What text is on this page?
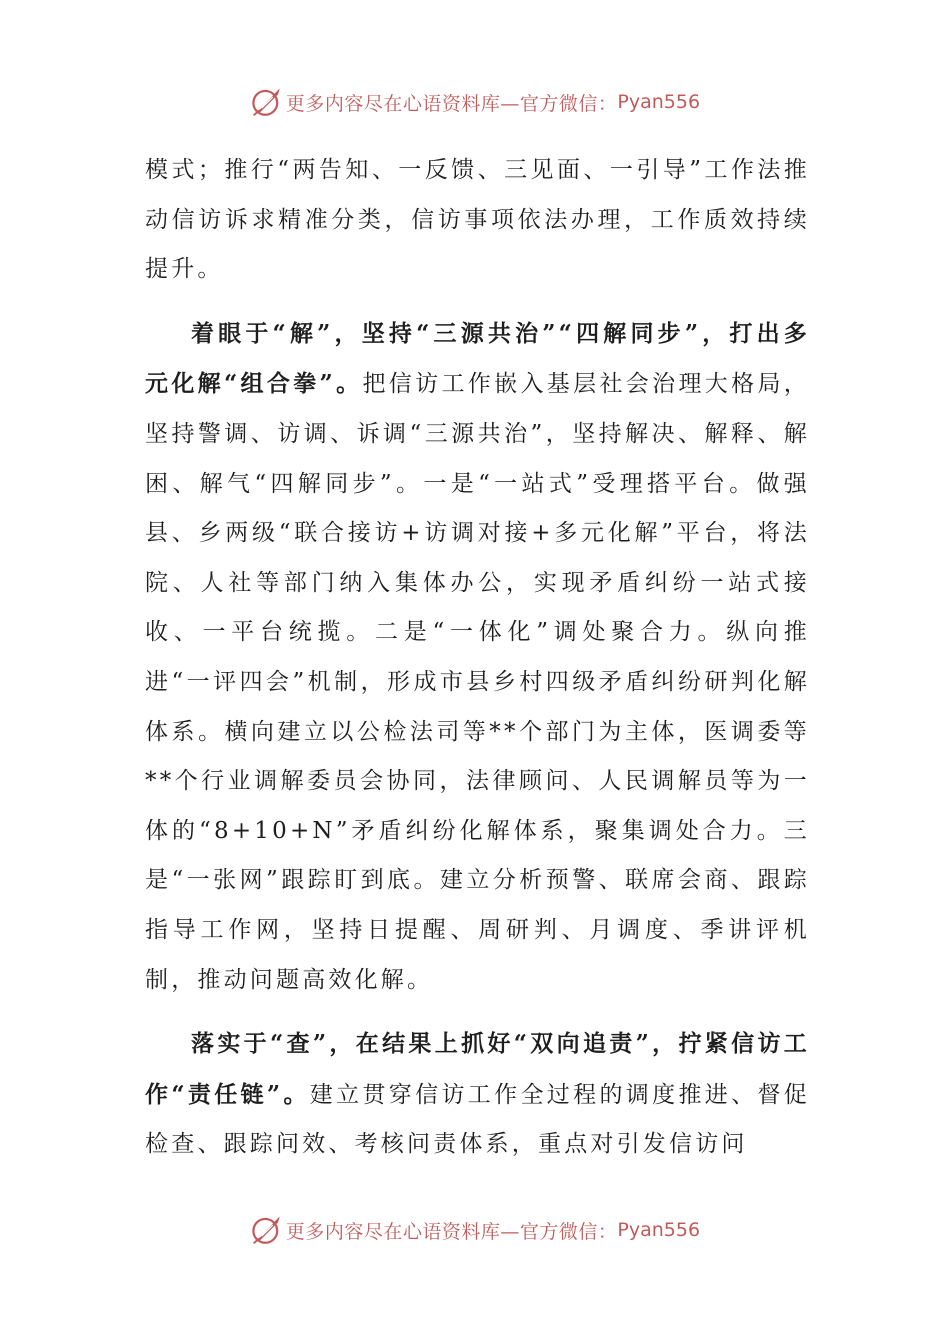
更多内容尽在心语资料库—官方微信： Pyan556

模式；推行“两告知、一反馈、三见面、一引导”工作法推动信访诉求精准分类，信访事项依法办理，工作质效持续提升。

着眼于“解”，坚持“三源共治”“四解同步”，打出多元化解“组合拳”。把信访工作嵌入基层社会治理大格局，坚持警调、访调、诉调“三源共治”，坚持解决、解释、解困、解气“四解同步”。一是“一站式”受理搭平台。做强县、乡两级“联合接访+访调对接+多元化解”平台，将法院、人社等部门纳入集体办公，实现矛盾纠纷一站式接收、一平台统揽。二是“一体化”调处聚合力。纵向推进“一评四会”机制，形成市县乡村四级矛盾纠纷研判化解体系。横向建立以公检法司等**个部门为主体，医调委等**个行业调解委员会协同，法律顾问、人民调解员等为一体的“8+10+N”矛盾纠纷化解体系，聚集调处合力。三是“一张网”跟踪盯到底。建立分析预警、联席会商、跟踪指导工作网，坚持日提醒、周研判、月调度、季讲评机制，推动问题高效化解。

落实于“查”，在结果上抓好“双向追责”，拧紧信访工作“责任链”。建立贯穿信访工作全过程的调度推进、督促检查、跟踪问效、考核问责体系，重点对引发信访问

更多内容尽在心语资料库—官方微信： Pyan556
